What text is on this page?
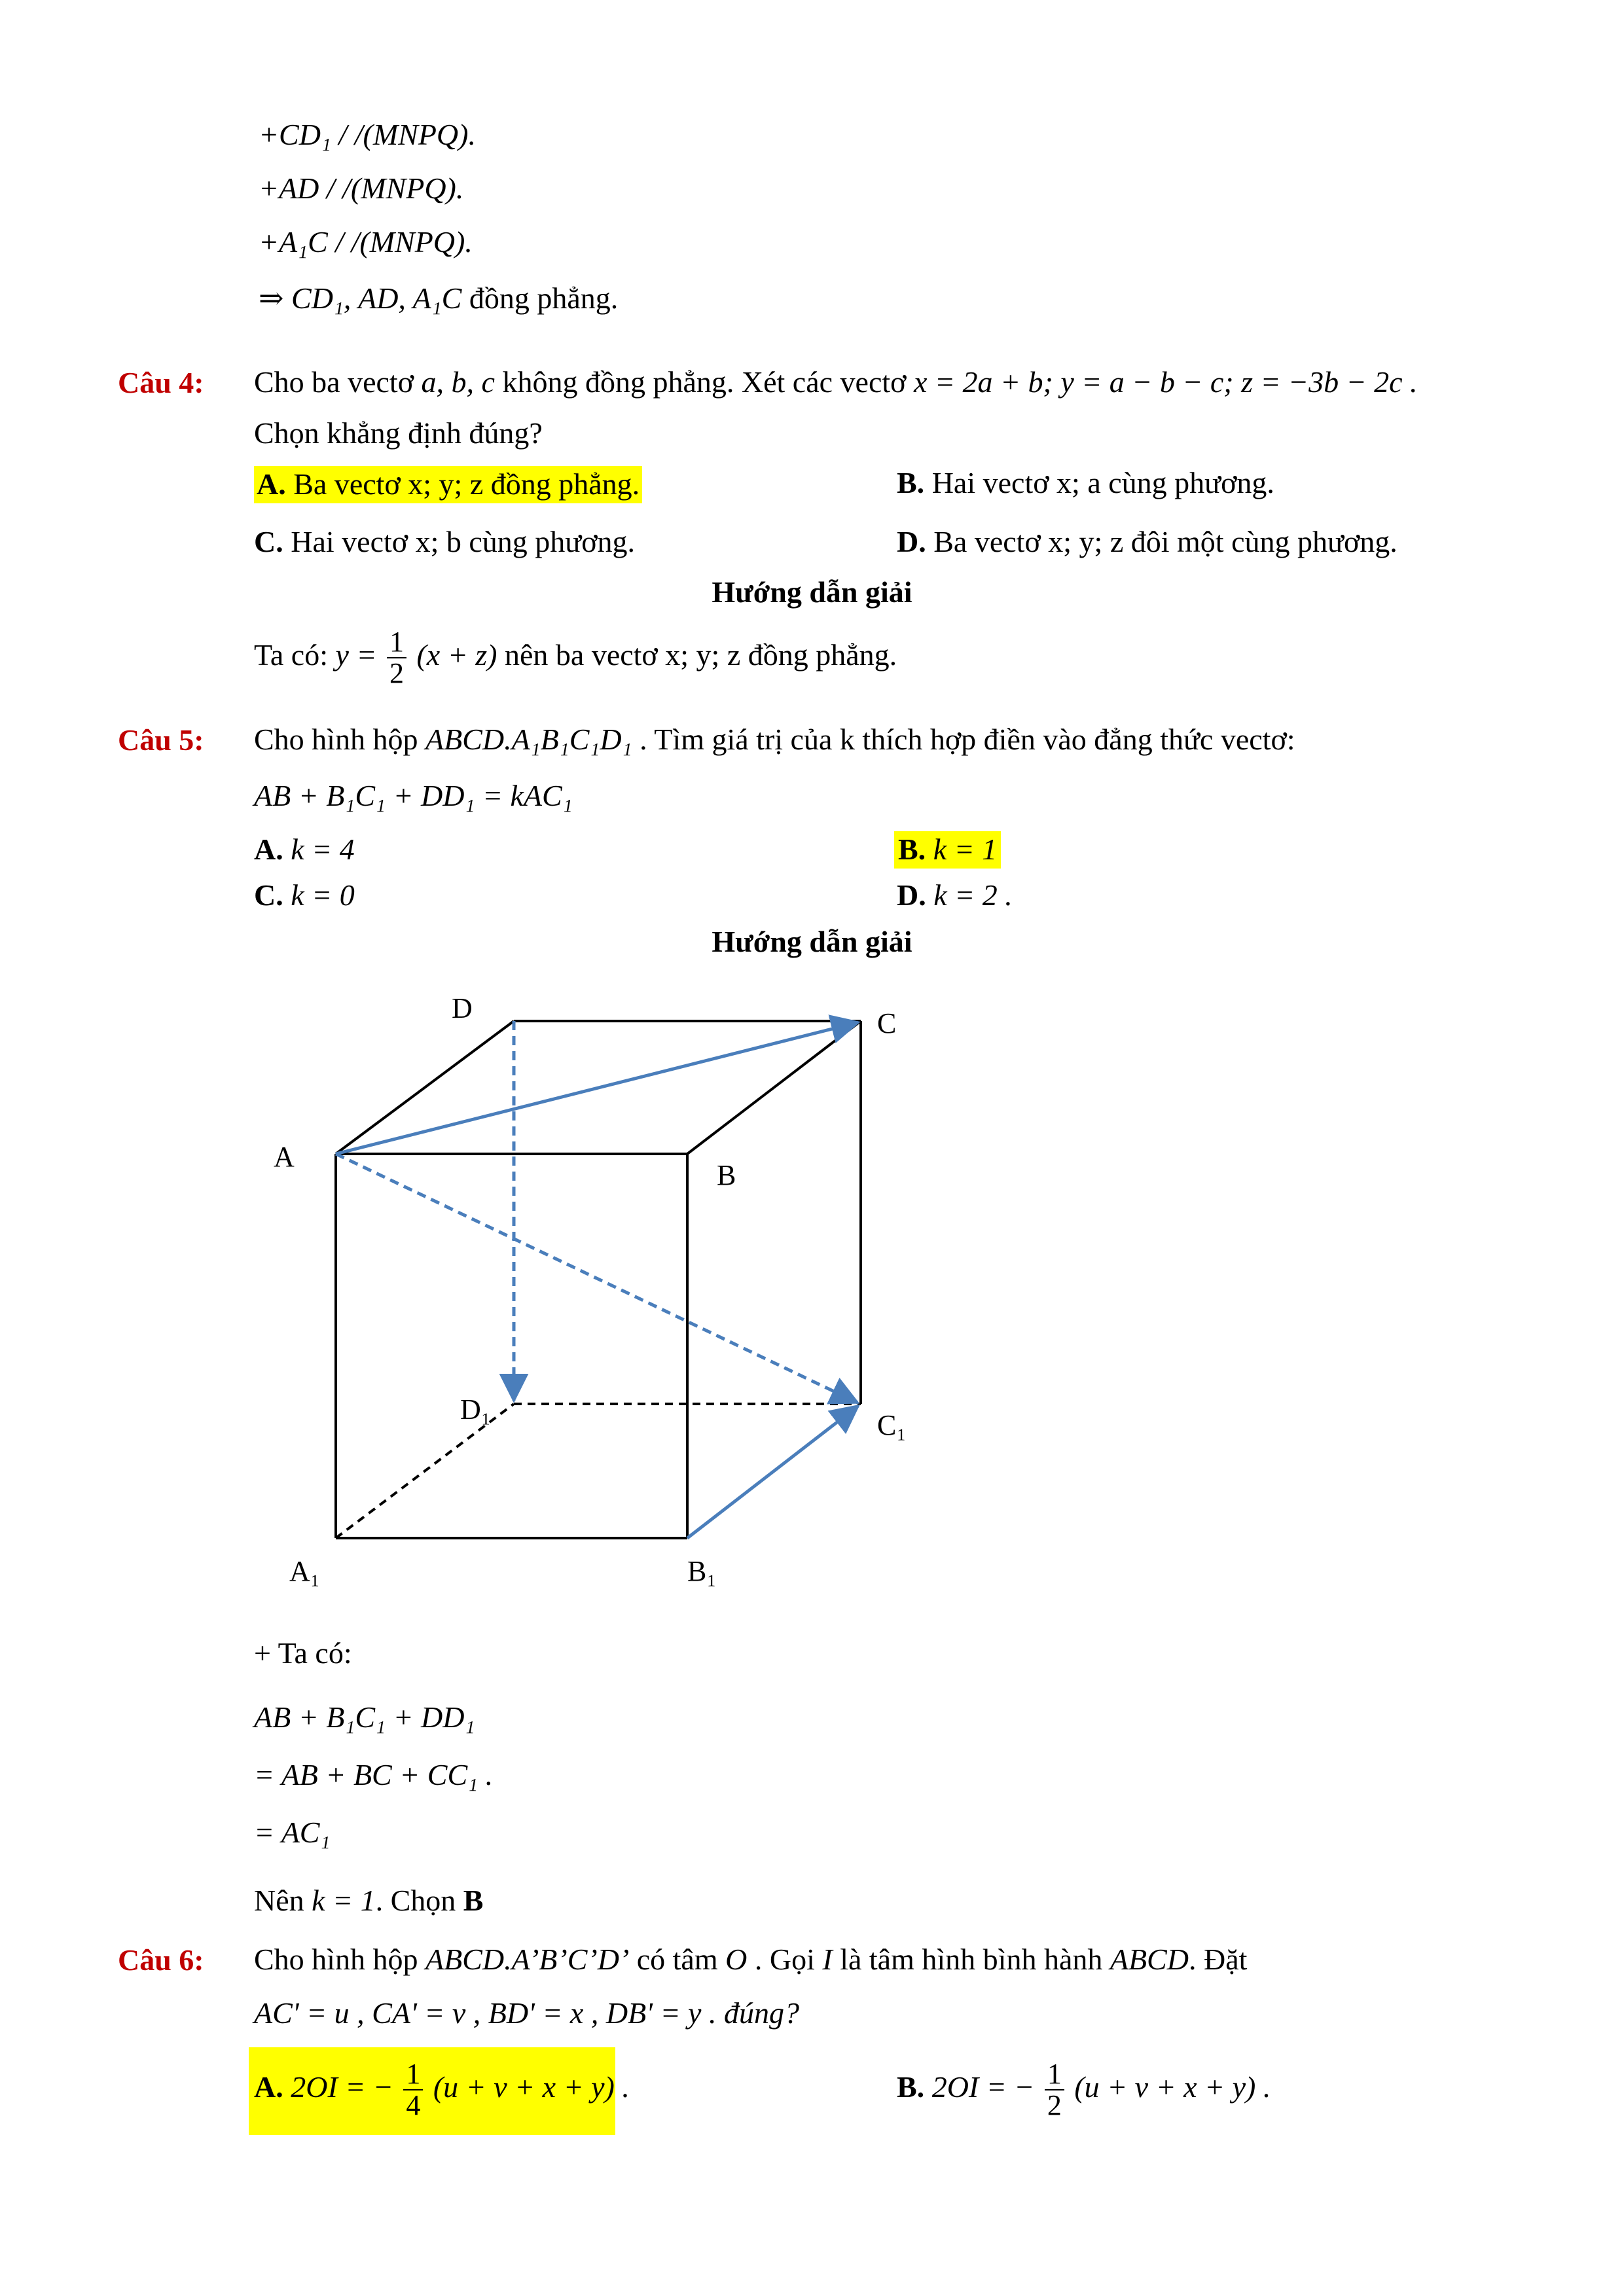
+CD₁ / /(MNPQ).
+AD / /(MNPQ).
+A₁C / /(MNPQ).
⇒ CD₁, AD, A₁C đồng phẳng.
Câu 4: Cho ba vectơ a, b, c không đồng phẳng. Xét các vectơ x = 2a + b; y = a − b − c; z = −3b − 2c .
Chọn khẳng định đúng?
A. Ba vectơ x; y; z đồng phẳng.	B. Hai vectơ x; a cùng phương.
C. Hai vectơ x; b cùng phương.	D. Ba vectơ x; y; z đôi một cùng phương.
Hướng dẫn giải
Ta có: $y = \frac{1}{2} (x + z)$ nên ba vectơ x; y; z đồng phẳng.
Câu 5: Cho hình hộp ABCD.A₁B₁C₁D₁ . Tìm giá trị của k thích hợp điền vào đẳng thức vectơ:
AB + B₁C₁ + DD₁ = kAC₁
A. k = 4	B. k = 1
C. k = 0	D. k = 2 .
Hướng dẫn giải
D	C
A
B
D₁	C₁
A₁	B₁
+ Ta có:
AB + B₁C₁ + DD₁
= AB + BC + CC₁ .
= AC₁
Nên k = 1. Chọn B
Câu 6: Cho hình hộp ABCD.A’B’C’D’ có tâm O . Gọi I là tâm hình bình hành ABCD. Đặt
AC' = u , CA' = v , BD' = x , DB' = y . đúng?
A. 2OI = − $\frac{1}{4} (u + v + x + y)$ .	B. 2OI = − $\frac{1}{2} (u + v + x + y)$ .
